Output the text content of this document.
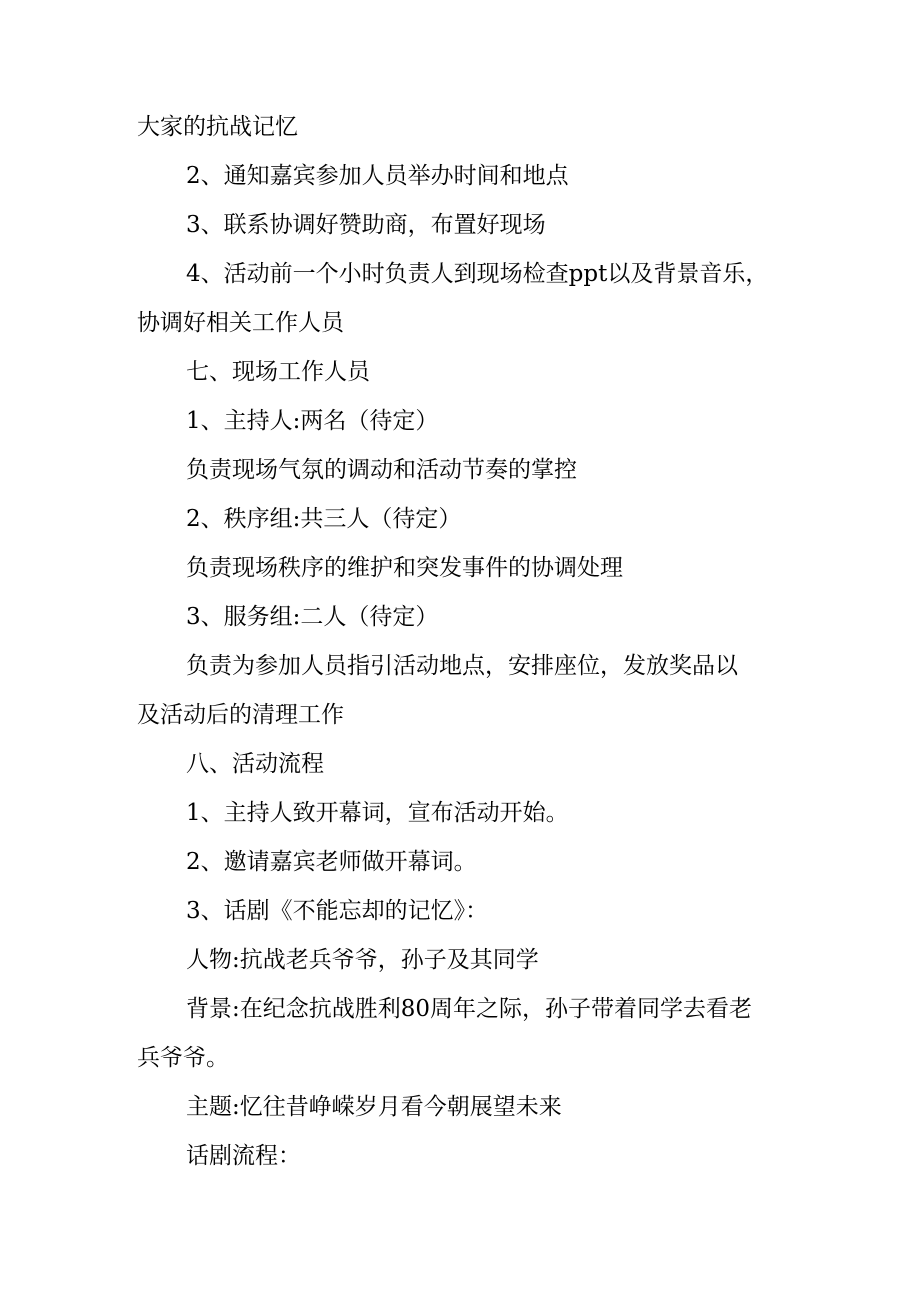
大家的抗战记忆

2、通知嘉宾参加人员举办时间和地点

3、联系协调好赞助商，布置好现场

4、活动前一个小时负责人到现场检查ppt以及背景音乐，

协调好相关工作人员

七、现场工作人员

1、主持人:两名（待定）

负责现场气氛的调动和活动节奏的掌控

2、秩序组:共三人（待定）

负责现场秩序的维护和突发事件的协调处理

3、服务组:二人（待定）

负责为参加人员指引活动地点，安排座位，发放奖品以

及活动后的清理工作

八、活动流程

1、主持人致开幕词，宣布活动开始。

2、邀请嘉宾老师做开幕词。

3、话剧《不能忘却的记忆》：

人物:抗战老兵爷爷，孙子及其同学

背景:在纪念抗战胜利80周年之际，孙子带着同学去看老

兵爷爷。

主题:忆往昔峥嵘岁月看今朝展望未来

话剧流程：
